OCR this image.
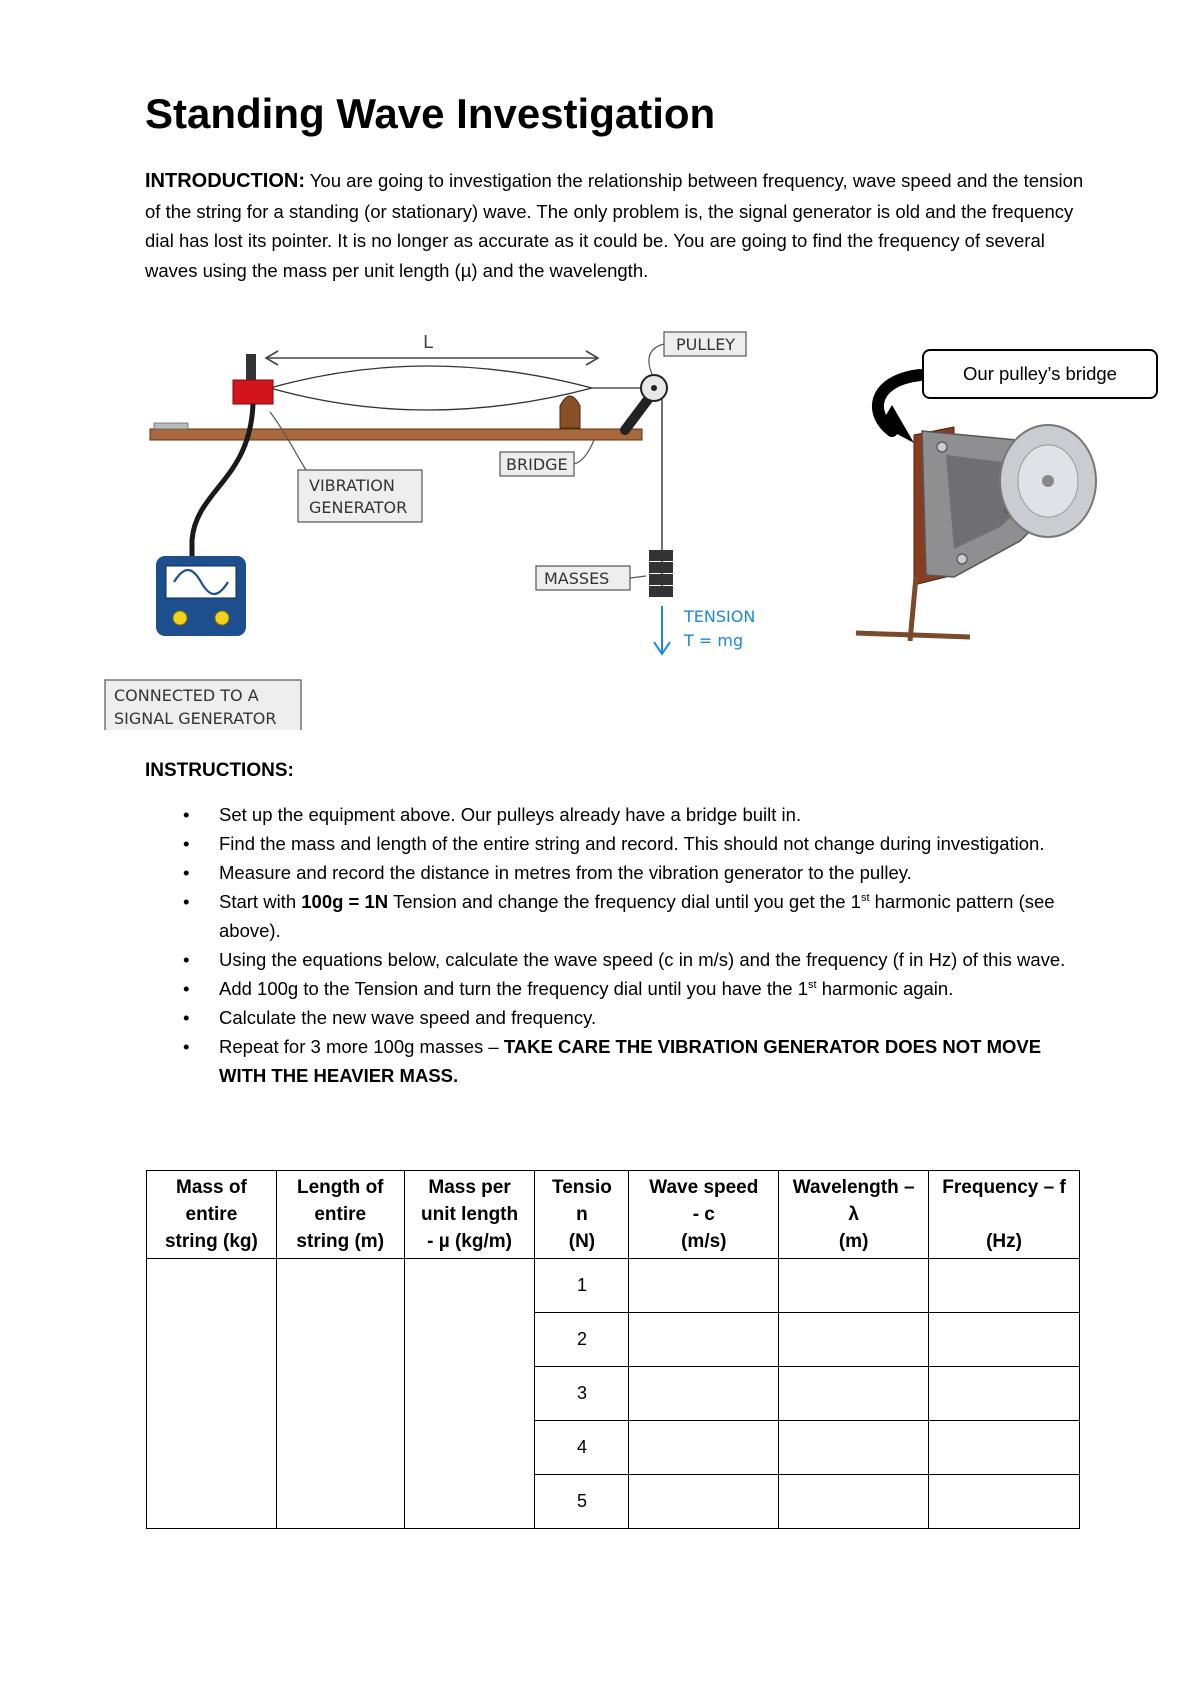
Standing Wave Investigation

INTRODUCTION: You are going to investigation the relationship between frequency, wave speed and the tension of the string for a standing (or stationary) wave. The only problem is, the signal generator is old and the frequency dial has lost its pointer. It is no longer as accurate as it could be. You are going to find the frequency of several waves using the mass per unit length (µ) and the wavelength.

L
TENSION
T = mg
PULLEY
BRIDGE
VIBRATION
GENERATOR
MASSES
CONNECTED TO A
SIGNAL GENERATOR
Our pulley’s bridge
INSTRUCTIONS:
• Set up the equipment above. Our pulleys already have a bridge built in.
• Find the mass and length of the entire string and record. This should not change during investigation.
• Measure and record the distance in metres from the vibration generator to the pulley.
• Start with 100g = 1N Tension and change the frequency dial until you get the 1st harmonic pattern (see above).
• Using the equations below, calculate the wave speed (c in m/s) and the frequency (f in Hz) of this wave.
• Add 100g to the Tension and turn the frequency dial until you have the 1st harmonic again.
• Calculate the new wave speed and frequency.
• Repeat for 3 more 100g masses – TAKE CARE THE VIBRATION GENERATOR DOES NOT MOVE WITH THE HEAVIER MASS.
Mass of
entire
string (kg)	Length of
entire
string (m)	Mass per
unit length
- µ (kg/m)	Tensio
n
(N)	Wave speed
- c
(m/s)	Wavelength –
λ
(m)	Frequency – f

(Hz)
			1			
			2			
			3			
			4			
			5			
